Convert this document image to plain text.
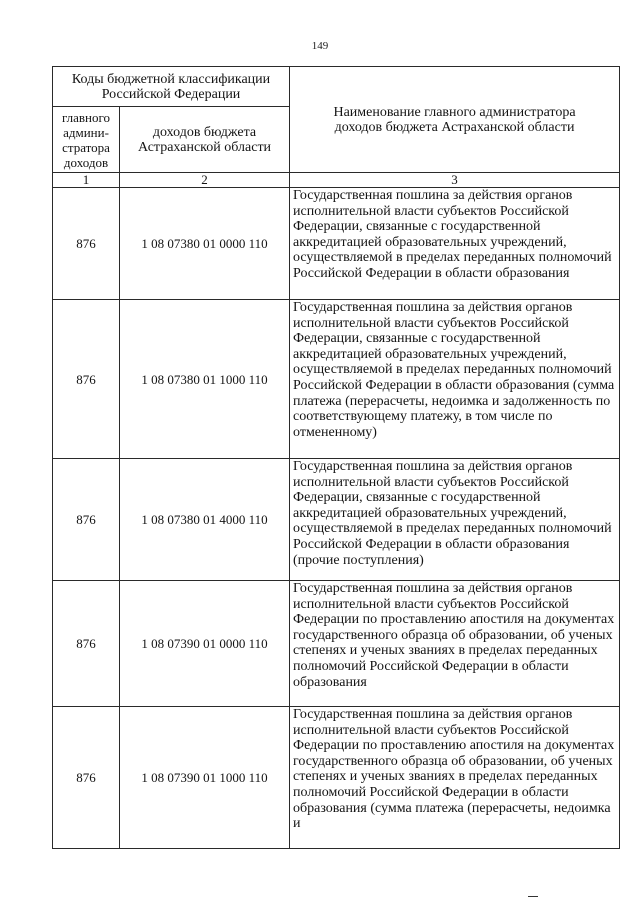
149
Коды бюджетной классификации Российской Федерации		Наименование главного администратора доходов бюджета Астраханской области
главного админи-стратора доходов	доходов бюджета Астраханской области	
1	2	3
876	1 08 07380 01 0000 110	Государственная пошлина за действия органов исполнительной власти субъектов Российской Федерации, связанные с государственной аккредитацией образовательных учреждений, осуществляемой в пределах переданных полномочий Российской Федерации в области образования
876	1 08 07380 01 1000 110	Государственная пошлина за действия органов исполнительной власти субъектов Российской Федерации, связанные с государственной аккредитацией образовательных учреждений, осуществляемой в пределах переданных полномочий Российской Федерации в области образования (сумма платежа (перерасчеты, недоимка и задолженность по соответствующему платежу, в том числе по отмененному)
876	1 08 07380 01 4000 110	Государственная пошлина за действия органов исполнительной власти субъектов Российской Федерации, связанные с государственной аккредитацией образовательных учреждений, осуществляемой в пределах переданных полномочий Российской Федерации в области образования (прочие поступления)
876	1 08 07390 01 0000 110	Государственная пошлина за действия органов исполнительной власти субъектов Российской Федерации по проставлению апостиля на документах государственного образца об образовании, об ученых степенях и ученых званиях в пределах переданных полномочий Российской Федерации в области образования
876	1 08 07390 01 1000 110	Государственная пошлина за действия органов исполнительной власти субъектов Российской Федерации по проставлению апостиля на документах государственного образца об образовании, об ученых степенях и ученых званиях в пределах переданных полномочий Российской Федерации в области образования (сумма платежа (перерасчеты, недоимка и
